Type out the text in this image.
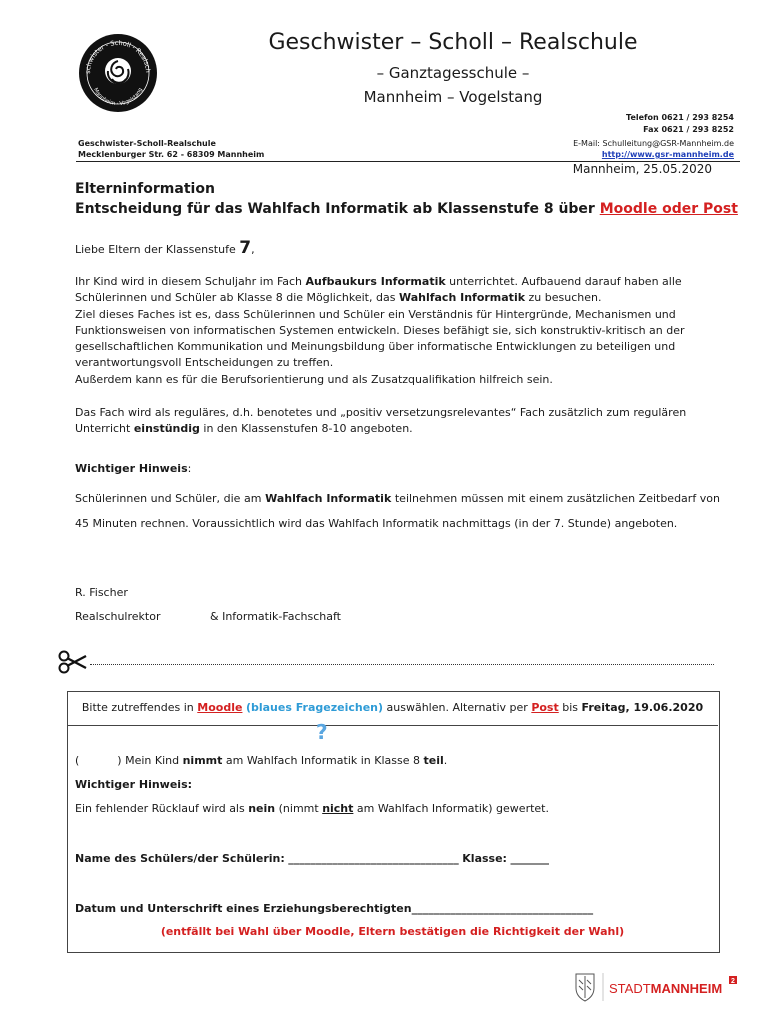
schwister - Scholl - Realsch
Mannheim · Vogelstang
Geschwister – Scholl – Realschule
– Ganztagesschule –
Mannheim – Vogelstang
Telefon 0621 / 293 8254
Fax 0621 / 293 8252
Geschwister-Scholl-Realschule	E-Mail: Schulleitung@GSR-Mannheim.de
Mecklenburger Str. 62 - 68309 Mannheim	http://www.gsr-mannheim.de
Mannheim, 25.05.2020
Elterninformation
Entscheidung für das Wahlfach Informatik ab Klassenstufe 8 über Moodle oder Post
Liebe Eltern der Klassenstufe 7,
Ihr Kind wird in diesem Schuljahr im Fach Aufbaukurs Informatik unterrichtet. Aufbauend darauf haben alle Schülerinnen und Schüler ab Klasse 8 die Möglichkeit, das Wahlfach Informatik zu besuchen.
Ziel dieses Faches ist es, dass Schülerinnen und Schüler ein Verständnis für Hintergründe, Mechanismen und Funktionsweisen von informatischen Systemen entwickeln. Dieses befähigt sie, sich konstruktiv-kritisch an der gesellschaftlichen Kommunikation und Meinungsbildung über informatische Entwicklungen zu beteiligen und verantwortungsvoll Entscheidungen zu treffen.
Außerdem kann es für die Berufsorientierung und als Zusatzqualifikation hilfreich sein.
Das Fach wird als reguläres, d.h. benotetes und „positiv versetzungsrelevantes“ Fach zusätzlich zum regulären Unterricht einstündig in den Klassenstufen 8-10 angeboten.
Wichtiger Hinweis:
Schülerinnen und Schüler, die am Wahlfach Informatik teilnehmen müssen mit einem zusätzlichen Zeitbedarf von 45 Minuten rechnen. Voraussichtlich wird das Wahlfach Informatik nachmittags (in der 7. Stunde) angeboten.
R. Fischer
Realschulrektor	& Informatik-Fachschaft
Bitte zutreffendes in Moodle (blaues Fragezeichen) auswählen. Alternativ per Post bis Freitag, 19.06.2020
?
(	) Mein Kind nimmt am Wahlfach Informatik in Klasse 8 teil.
Wichtiger Hinweis:
Ein fehlender Rücklauf wird als nein (nimmt nicht am Wahlfach Informatik) gewertet.
Name des Schülers/der Schülerin: _______________________________ Klasse: _______
Datum und Unterschrift eines Erziehungsberechtigten_________________________________
(entfällt bei Wahl über Moodle, Eltern bestätigen die Richtigkeit der Wahl)
STADTMANNHEIM 2
